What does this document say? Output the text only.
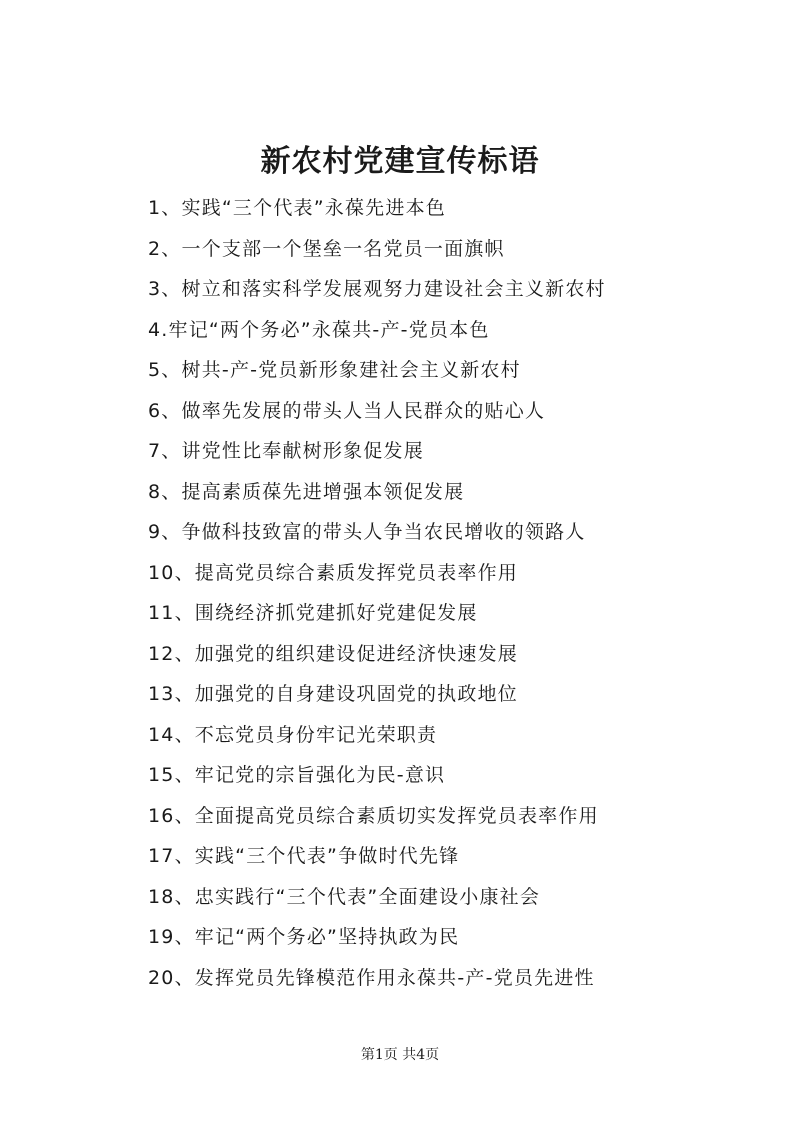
新农村党建宣传标语
1、实践“三个代表”永葆先进本色
2、一个支部一个堡垒一名党员一面旗帜
3、树立和落实科学发展观努力建设社会主义新农村
4.牢记“两个务必”永葆共-产-党员本色
5、树共-产-党员新形象建社会主义新农村
6、做率先发展的带头人当人民群众的贴心人
7、讲党性比奉献树形象促发展
8、提高素质葆先进增强本领促发展
9、争做科技致富的带头人争当农民增收的领路人
10、提高党员综合素质发挥党员表率作用
11、围绕经济抓党建抓好党建促发展
12、加强党的组织建设促进经济快速发展
13、加强党的自身建设巩固党的执政地位
14、不忘党员身份牢记光荣职责
15、牢记党的宗旨强化为民-意识
16、全面提高党员综合素质切实发挥党员表率作用
17、实践“三个代表”争做时代先锋
18、忠实践行“三个代表”全面建设小康社会
19、牢记“两个务必”坚持执政为民
20、发挥党员先锋模范作用永葆共-产-党员先进性
第1页 共4页
